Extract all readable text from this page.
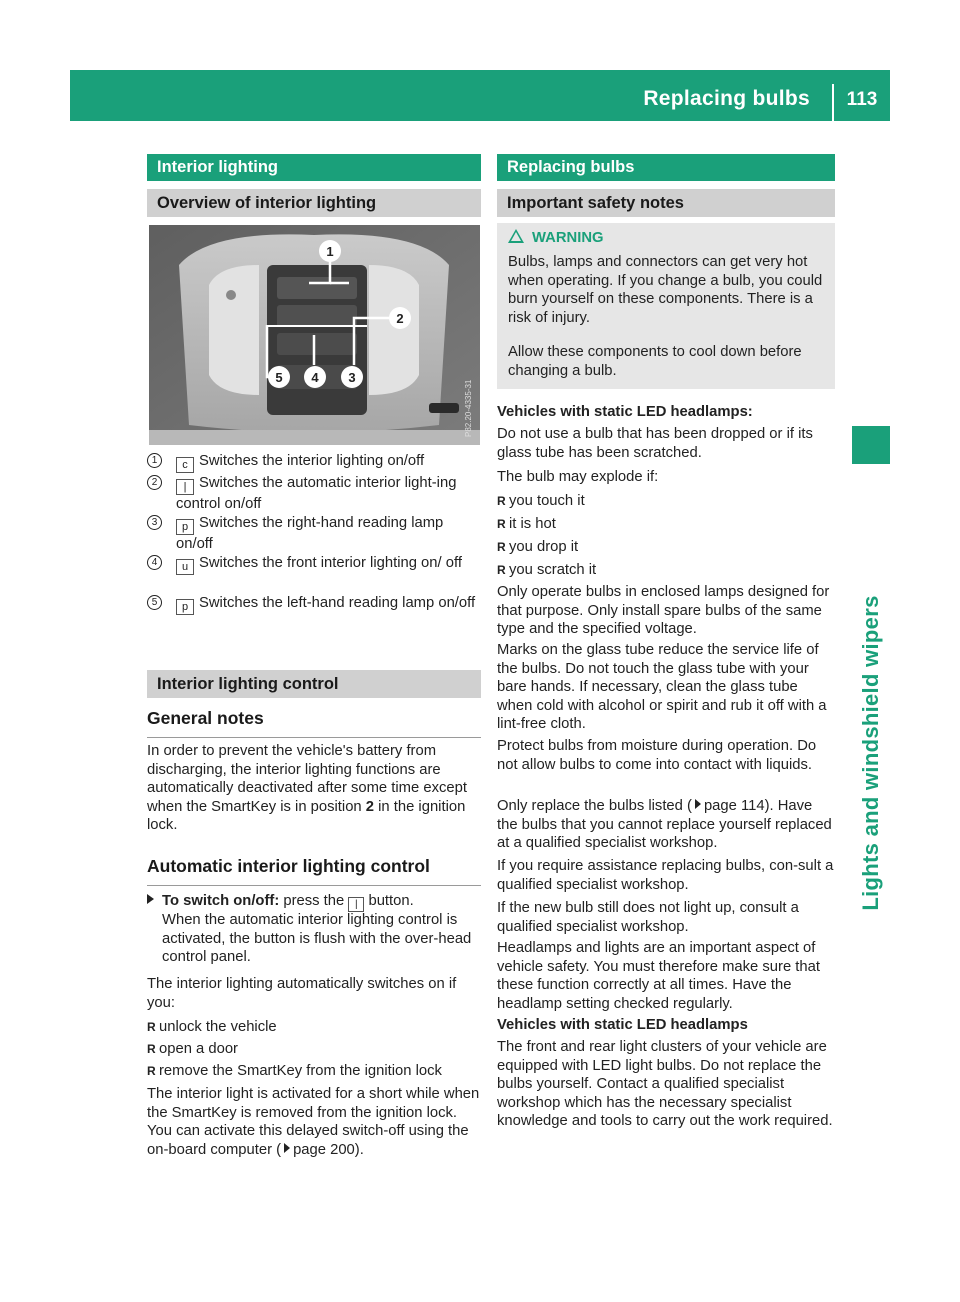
Replacing bulbs	113
Lights and windshield wipers
Interior lighting
Overview of interior lighting
1
2
3
4
5
P82.20-4335-31
1	c Switches the interior lighting on/off
2	| Switches the automatic interior light-ing control on/off
3	p Switches the right-hand reading lamp on/off
4	u Switches the front interior lighting on/ off
5	p Switches the left-hand reading lamp on/off
Interior lighting control
General notes
In order to prevent the vehicle's battery from discharging, the interior lighting functions are automatically deactivated after some time except when the SmartKey is in position 2 in the ignition lock.
Automatic interior lighting control
To switch on/off: press the | button.
When the automatic interior lighting control is activated, the button is flush with the over-head control panel.
The interior lighting automatically switches on if you:
R unlock the vehicle
R open a door
R remove the SmartKey from the ignition lock
The interior light is activated for a short while when the SmartKey is removed from the ignition lock. You can activate this delayed switch-off using the on-board computer ( page 200).
Replacing bulbs
Important safety notes
WARNING
Bulbs, lamps and connectors can get very hot when operating. If you change a bulb, you could burn yourself on these components. There is a risk of injury.
Allow these components to cool down before changing a bulb.
Vehicles with static LED headlamps:
Do not use a bulb that has been dropped or if its glass tube has been scratched.
The bulb may explode if:
R you touch it
R it is hot
R you drop it
R you scratch it
Only operate bulbs in enclosed lamps designed for that purpose. Only install spare bulbs of the same type and the specified voltage.
Marks on the glass tube reduce the service life of the bulbs. Do not touch the glass tube with your bare hands. If necessary, clean the glass tube when cold with alcohol or spirit and rub it off with a lint-free cloth.
Protect bulbs from moisture during operation. Do not allow bulbs to come into contact with liquids.
Only replace the bulbs listed ( page 114). Have the bulbs that you cannot replace yourself replaced at a qualified specialist workshop.
If you require assistance replacing bulbs, con-sult a qualified specialist workshop.
If the new bulb still does not light up, consult a qualified specialist workshop.
Headlamps and lights are an important aspect of vehicle safety. You must therefore make sure that these function correctly at all times. Have the headlamp setting checked regularly.
Vehicles with static LED headlamps
The front and rear light clusters of your vehicle are equipped with LED light bulbs. Do not replace the bulbs yourself. Contact a qualified specialist workshop which has the necessary specialist knowledge and tools to carry out the work required.
